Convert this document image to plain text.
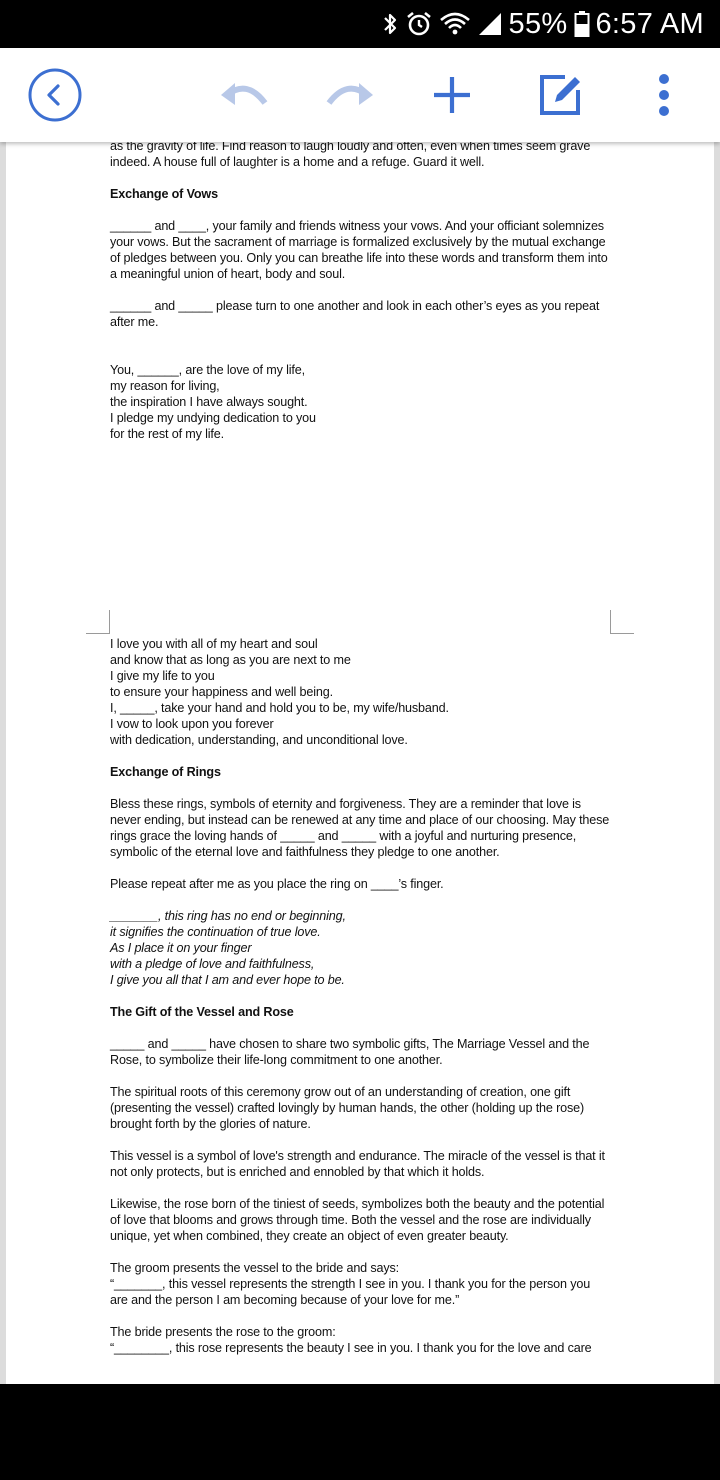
55% 6:57 AM

as the gravity of life. Find reason to laugh loudly and often, even when times seem grave

indeed. A house full of laughter is a home and a refuge. Guard it well.

Exchange of Vows

______ and ____, your family and friends witness your vows. And your officiant solemnizes your vows. But the sacrament of marriage is formalized exclusively by the mutual exchange of pledges between you. Only you can breathe life into these words and transform them into a meaningful union of heart, body and soul.

______ and _____ please turn to one another and look in each other’s eyes as you repeat after me.

You, ______, are the love of my life,

my reason for living,

the inspiration I have always sought.

I pledge my undying dedication to you

for the rest of my life.

I love you with all of my heart and soul

and know that as long as you are next to me

I give my life to you

to ensure your happiness and well being.

I, _____, take your hand and hold you to be, my wife/husband.

I vow to look upon you forever

with dedication, understanding, and unconditional love.

Exchange of Rings

Bless these rings, symbols of eternity and forgiveness. They are a reminder that love is never ending, but instead can be renewed at any time and place of our choosing. May these rings grace the loving hands of _____ and _____ with a joyful and nurturing presence, symbolic of the eternal love and faithfulness they pledge to one another.

Please repeat after me as you place the ring on ____’s finger.

_______, this ring has no end or beginning,

it signifies the continuation of true love.

As I place it on your finger

with a pledge of love and faithfulness,

I give you all that I am and ever hope to be.

The Gift of the Vessel and Rose

_____ and _____ have chosen to share two symbolic gifts, The Marriage Vessel and the Rose, to symbolize their life-long commitment to one another.

The spiritual roots of this ceremony grow out of an understanding of creation, one gift (presenting the vessel) crafted lovingly by human hands, the other (holding up the rose) brought forth by the glories of nature.

This vessel is a symbol of love's strength and endurance. The miracle of the vessel is that it not only protects, but is enriched and ennobled by that which it holds.

Likewise, the rose born of the tiniest of seeds, symbolizes both the beauty and the potential of love that blooms and grows through time. Both the vessel and the rose are individually unique, yet when combined, they create an object of even greater beauty.

The groom presents the vessel to the bride and says:

“_______, this vessel represents the strength I see in you. I thank you for the person you are and the person I am becoming because of your love for me.”

The bride presents the rose to the groom:

“________, this rose represents the beauty I see in you. I thank you for the love and care
